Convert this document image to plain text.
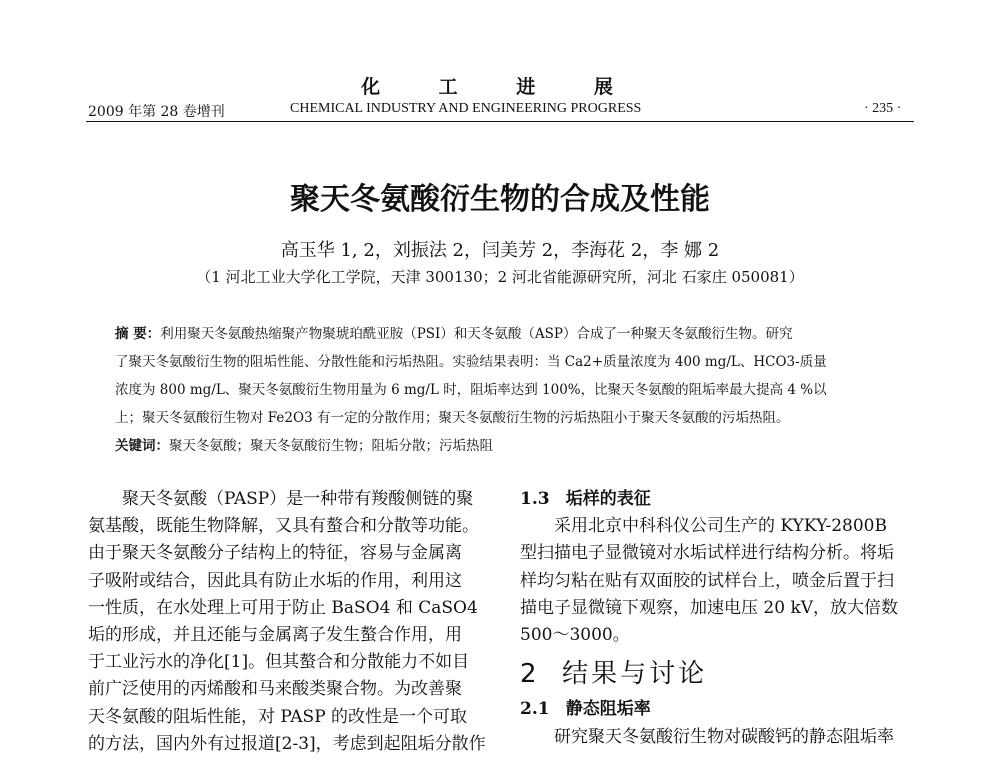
化 工 进 展
2009 年第 28 卷增刊	CHEMICAL INDUSTRY AND ENGINEERING PROGRESS	· 235 ·
聚天冬氨酸衍生物的合成及性能
高玉华 1, 2，刘振法 2，闫美芳 2，李海花 2，李 娜 2
（1 河北工业大学化工学院，天津 300130；2 河北省能源研究所，河北 石家庄 050081）
摘 要：利用聚天冬氨酸热缩聚产物聚琥珀酰亚胺（PSI）和天冬氨酸（ASP）合成了一种聚天冬氨酸衍生物。研究
了聚天冬氨酸衍生物的阻垢性能、分散性能和污垢热阻。实验结果表明：当 Ca2+质量浓度为 400 mg/L、HCO3-质量
浓度为 800 mg/L、聚天冬氨酸衍生物用量为 6 mg/L 时，阻垢率达到 100%，比聚天冬氨酸的阻垢率最大提高 4 %以
上；聚天冬氨酸衍生物对 Fe2O3 有一定的分散作用；聚天冬氨酸衍生物的污垢热阻小于聚天冬氨酸的污垢热阻。
关键词：聚天冬氨酸；聚天冬氨酸衍生物；阻垢分散；污垢热阻
聚天冬氨酸（PASP）是一种带有羧酸侧链的聚
氨基酸，既能生物降解，又具有螯合和分散等功能。
由于聚天冬氨酸分子结构上的特征，容易与金属离
子吸附或结合，因此具有防止水垢的作用，利用这
一性质，在水处理上可用于防止 BaSO4 和 CaSO4
垢的形成，并且还能与金属离子发生螯合作用，用
于工业污水的净化[1]。但其螯合和分散能力不如目
前广泛使用的丙烯酸和马来酸类聚合物。为改善聚
天冬氨酸的阻垢性能，对 PASP 的改性是一个可取
的方法，国内外有过报道[2-3]，考虑到起阻垢分散作
1.3 垢样的表征
采用北京中科科仪公司生产的 KYKY-2800B
型扫描电子显微镜对水垢试样进行结构分析。将垢
样均匀粘在贴有双面胶的试样台上，喷金后置于扫
描电子显微镜下观察，加速电压 20 kV，放大倍数
500～3000。
2 结果与讨论
2.1 静态阻垢率
研究聚天冬氨酸衍生物对碳酸钙的静态阻垢率
